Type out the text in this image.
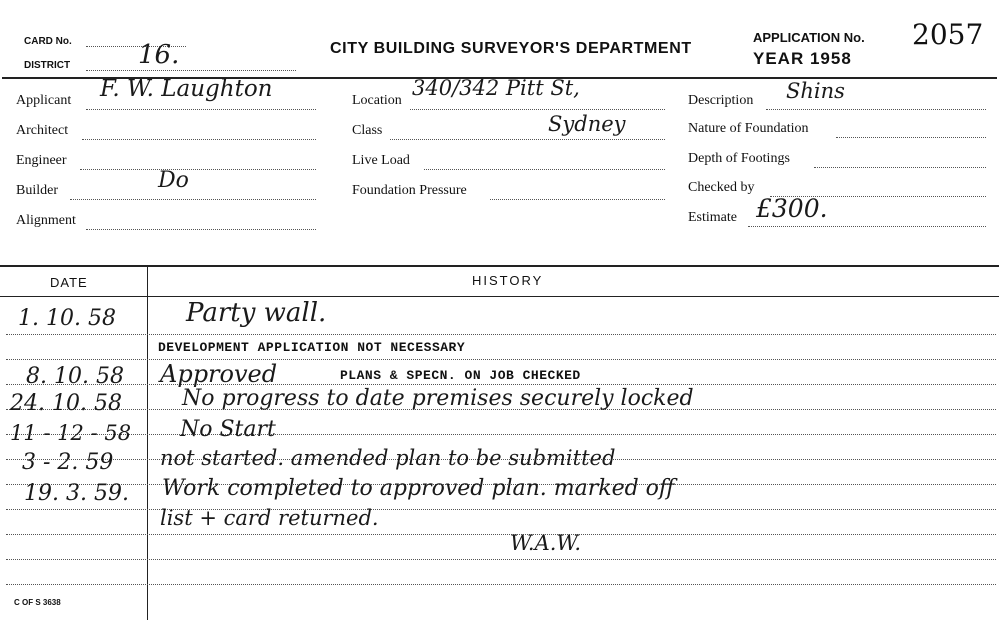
CARD No.
DISTRICT	16.	CITY BUILDING SURVEYOR'S DEPARTMENT
APPLICATION No.
YEAR 1958
2057
Applicant F. W. Laughton
Architect
Engineer
Builder	Do
Alignment
Location
340/342 Pitt St,
Class	Sydney
Live Load
Foundation Pressure
Description Shins
Nature of Foundation
Depth of Footings
Checked by
Estimate £300.
DATE	HISTORY
1. 10. 58	Party wall.
DEVELOPMENT APPLICATION NOT NECESSARY
8. 10. 58 Approved	PLANS & SPECN. ON JOB CHECKED
24. 10. 58	No progress to date premises securely locked
11 - 12 - 58 No Start
3 - 2. 59 not started. amended plan to be submitted
19. 3. 59. Work completed to approved plan. marked off
list + card returned.
W.A.W.
C OF S 3638
